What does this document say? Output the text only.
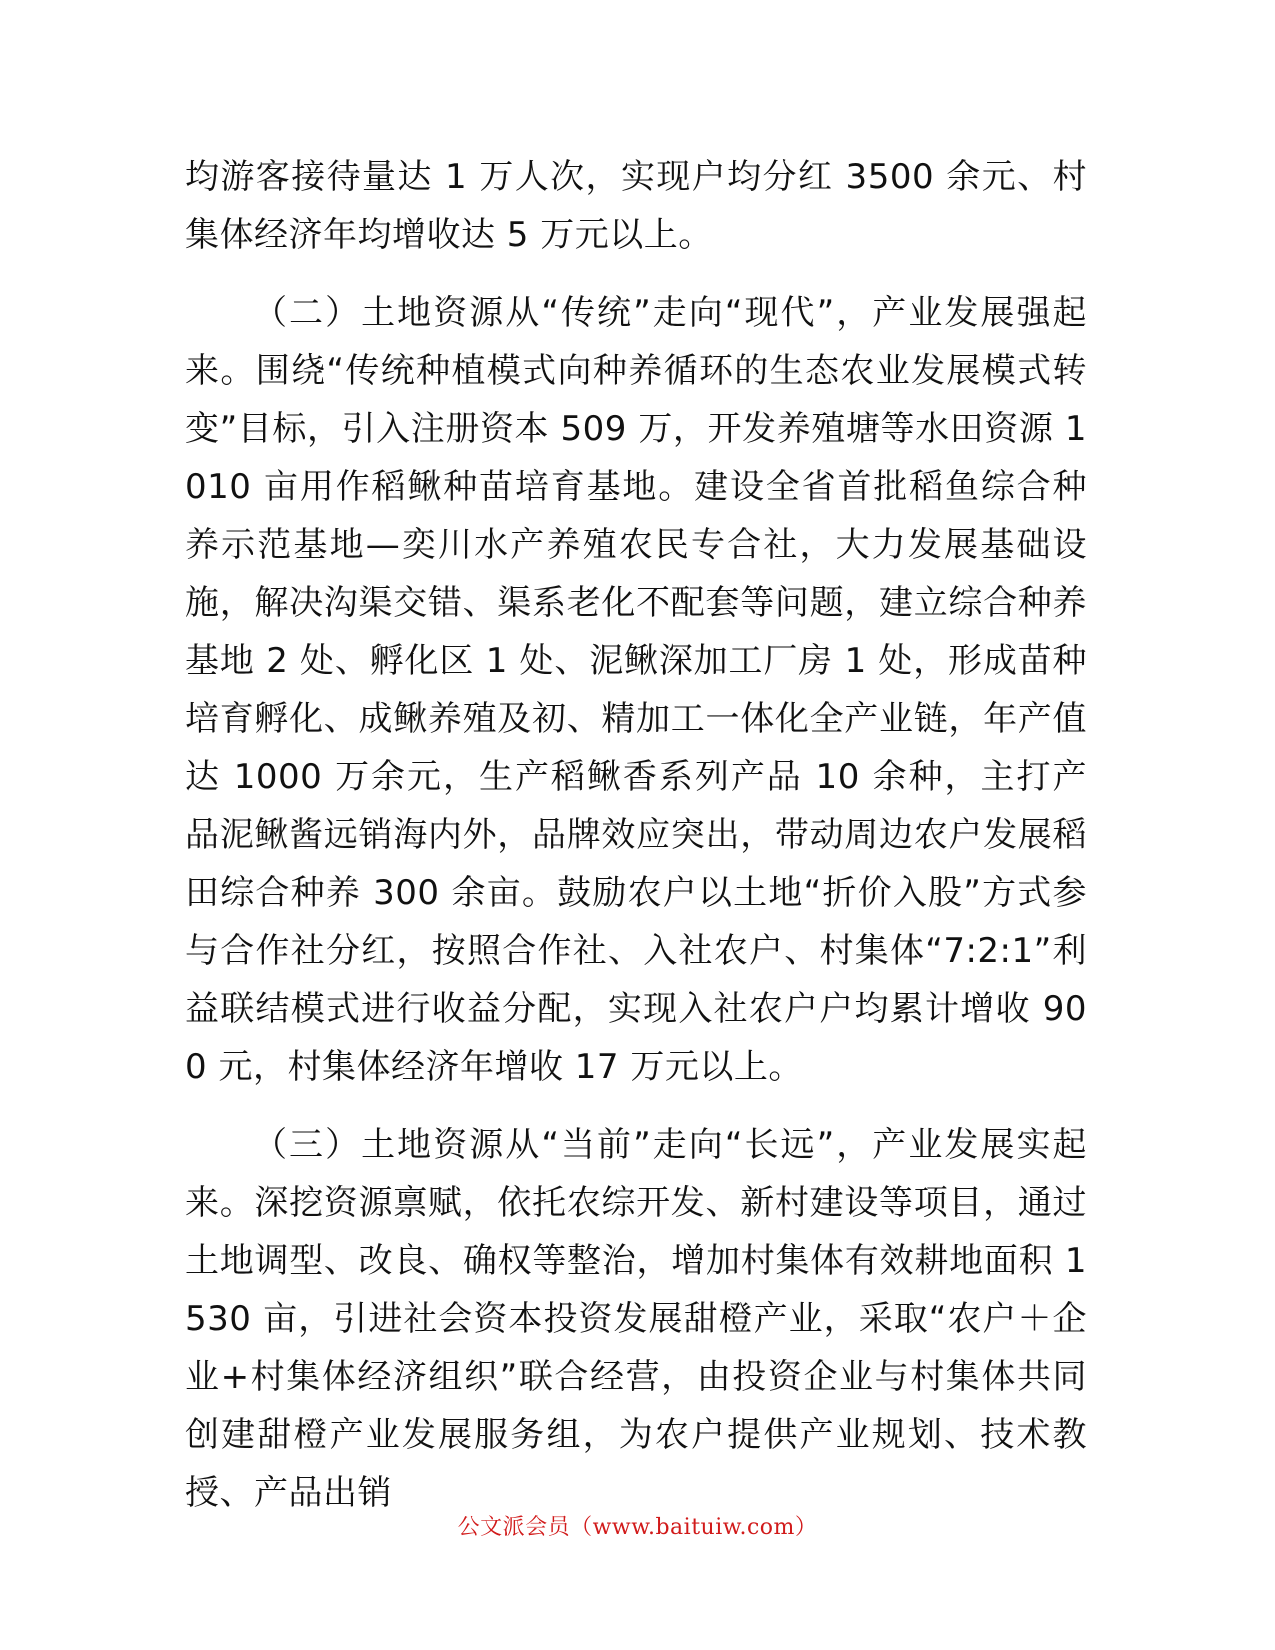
均游客接待量达 1 万人次，实现户均分红 3500 余元、村集体经济年均增收达 5 万元以上。

（二）土地资源从“传统”走向“现代”，产业发展强起来。围绕“传统种植模式向种养循环的生态农业发展模式转变”目标，引入注册资本 509 万，开发养殖塘等水田资源 1010 亩用作稻鳅种苗培育基地。建设全省首批稻鱼综合种养示范基地—奕川水产养殖农民专合社，大力发展基础设施，解决沟渠交错、渠系老化不配套等问题，建立综合种养基地 2 处、孵化区 1 处、泥鳅深加工厂房 1 处，形成苗种培育孵化、成鳅养殖及初、精加工一体化全产业链，年产值达 1000 万余元，生产稻鳅香系列产品 10 余种，主打产品泥鳅酱远销海内外，品牌效应突出，带动周边农户发展稻田综合种养 300 余亩。鼓励农户以土地“折价入股”方式参与合作社分红，按照合作社、入社农户、村集体“7:2:1”利益联结模式进行收益分配，实现入社农户户均累计增收 900 元，村集体经济年增收 17 万元以上。

（三）土地资源从“当前”走向“长远”，产业发展实起来。深挖资源禀赋，依托农综开发、新村建设等项目，通过土地调型、改良、确权等整治，增加村集体有效耕地面积 1530 亩，引进社会资本投资发展甜橙产业，采取“农户＋企业+村集体经济组织”联合经营，由投资企业与村集体共同创建甜橙产业发展服务组，为农户提供产业规划、技术教授、产品出销

公文派会员（www.baituiw.com）
